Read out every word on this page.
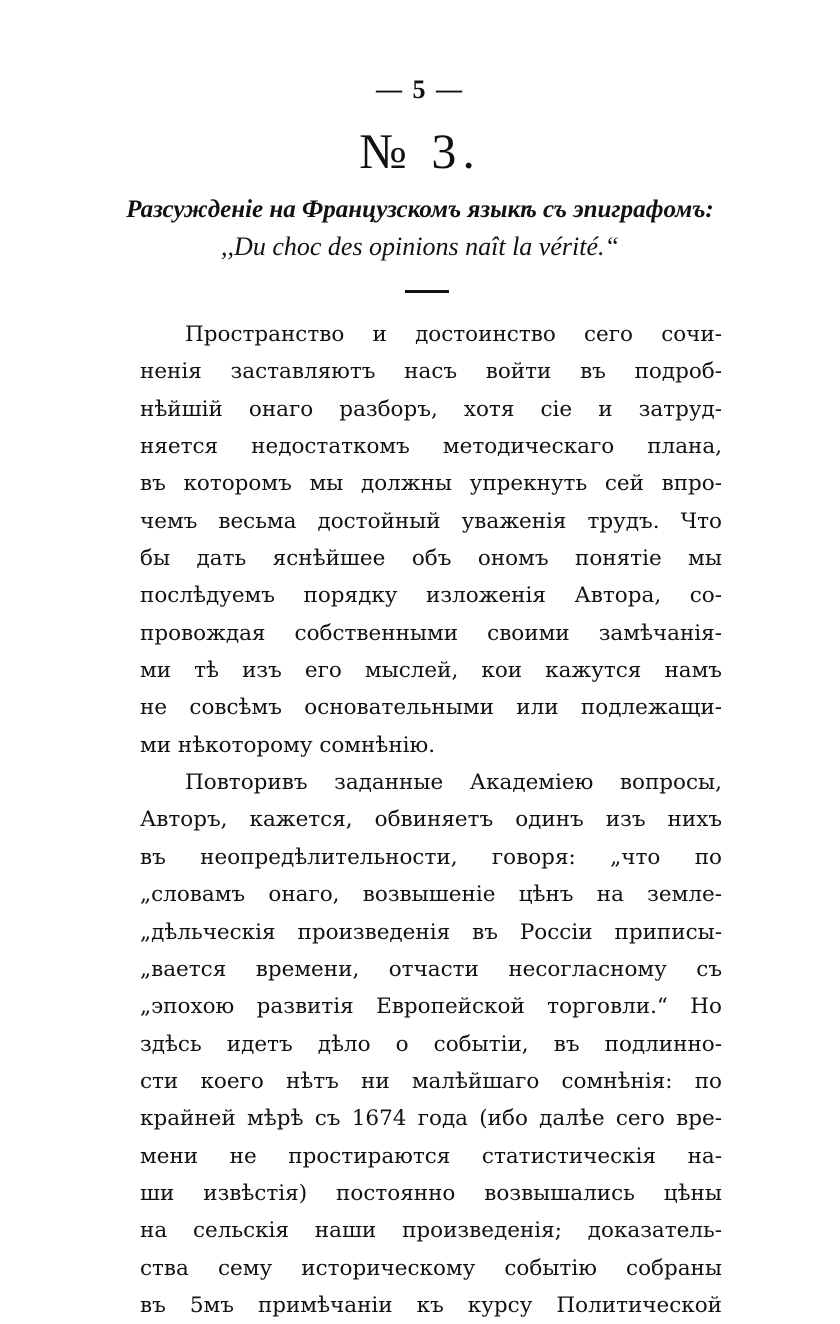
— 5 —
№ 3.
Разсужденіе на Французскомъ языкѣ съ эпиграфомъ:
,,Du choc des opinions naît la vérité.“
Пространство и достоинство сего сочи-
ненія заставляютъ насъ войти въ подроб-
нѣйшій онаго разборъ, хотя сіе и затруд-
няется недостаткомъ методическаго плана,
въ которомъ мы должны упрекнуть сей впро-
чемъ весьма достойный уваженія трудъ. Что
бы дать яснѣйшее объ ономъ понятіе мы
послѣдуемъ порядку изложенія Автора, со-
провождая собственными своими замѣчанія-
ми тѣ изъ его мыслей, кои кажутся намъ
не совсѣмъ основательными или подлежащи-
ми нѣкоторому сомнѣнію.
Повторивъ заданные Академіею вопросы,
Авторъ, кажется, обвиняетъ одинъ изъ нихъ
въ неопредѣлительности, говоря: „что по
„словамъ онаго, возвышеніе цѣнъ на земле-
„дѣльческія произведенія въ Россіи приписы-
„вается времени, отчасти несогласному съ
„эпохою развитія Европейской торговли.“ Но
здѣсь идетъ дѣло о событіи, въ подлинно-
сти коего нѣтъ ни малѣйшаго сомнѣнія: по
крайней мѣрѣ съ 1674 года (ибо далѣе сего вре-
мени не простираются статистическія на-
ши извѣстія) постоянно возвышались цѣны
на сельскія наши произведенія; доказатель-
ства сему историческому событію собраны
въ 5мъ примѣчаніи къ курсу Политической
